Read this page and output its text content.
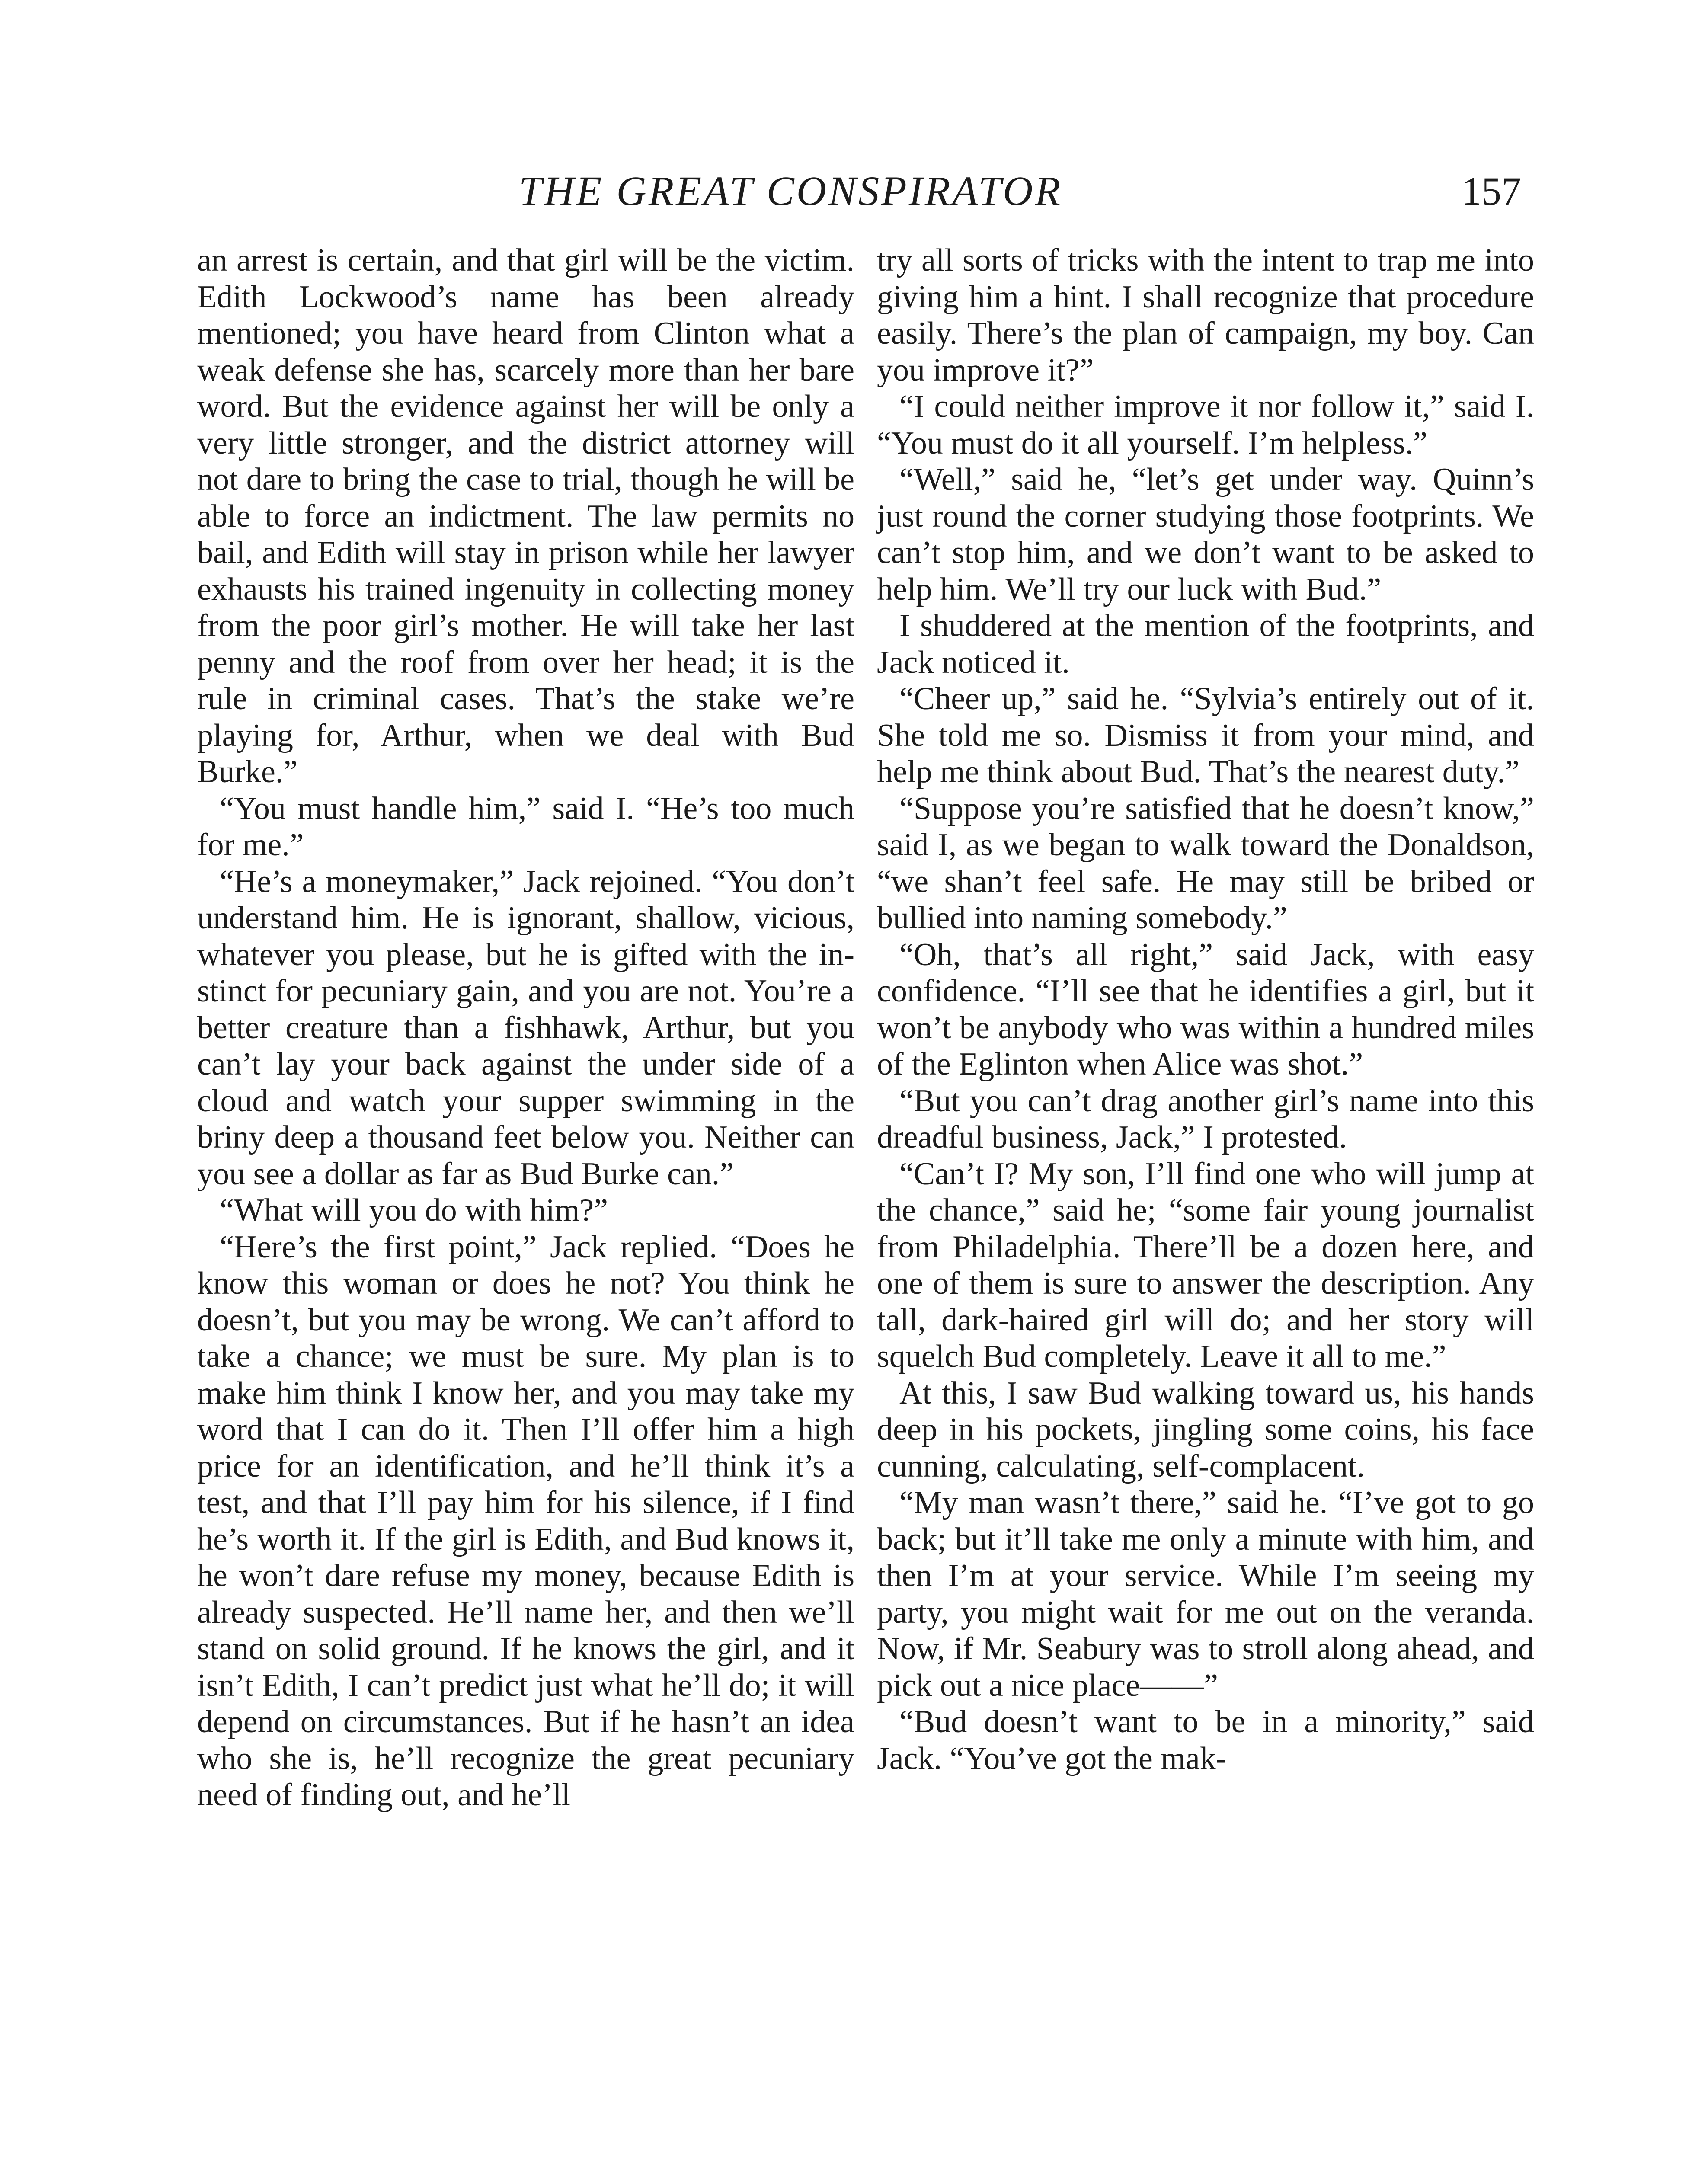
THE GREAT CONSPIRATOR	157

an arrest is certain, and that girl will be the victim. Edith Lockwood’s name has been already mentioned; you have heard from Clinton what a weak defense she has, scarcely more than her bare word. But the evidence against her will be only a very little stronger, and the district attorney will not dare to bring the case to trial, though he will be able to force an indictment. The law permits no bail, and Edith will stay in prison while her lawyer exhausts his trained ingenuity in collecting money from the poor girl’s mother. He will take her last penny and the roof from over her head; it is the rule in criminal cases. That’s the stake we’re playing for, Arthur, when we deal with Bud Burke.”

“You must handle him,” said I. “He’s too much for me.”

“He’s a moneymaker,” Jack rejoined. “You don’t understand him. He is ignorant, shallow, vicious, whatever you please, but he is gifted with the instinct for pecuniary gain, and you are not. You’re a better creature than a fishhawk, Arthur, but you can’t lay your back against the under side of a cloud and watch your supper swimming in the briny deep a thousand feet below you. Neither can you see a dollar as far as Bud Burke can.”

“What will you do with him?”

“Here’s the first point,” Jack replied. “Does he know this woman or does he not? You think he doesn’t, but you may be wrong. We can’t afford to take a chance; we must be sure. My plan is to make him think I know her, and you may take my word that I can do it. Then I’ll offer him a high price for an identification, and he’ll think it’s a test, and that I’ll pay him for his silence, if I find he’s worth it. If the girl is Edith, and Bud knows it, he won’t dare refuse my money, because Edith is already suspected. He’ll name her, and then we’ll stand on solid ground. If he knows the girl, and it isn’t Edith, I can’t predict just what he’ll do; it will depend on circumstances. But if he hasn’t an idea who she is, he’ll recognize the great pecuniary need of finding out, and he’ll

try all sorts of tricks with the intent to trap me into giving him a hint. I shall recognize that procedure easily. There’s the plan of campaign, my boy. Can you improve it?”

“I could neither improve it nor follow it,” said I. “You must do it all yourself. I’m helpless.”

“Well,” said he, “let’s get under way. Quinn’s just round the corner studying those footprints. We can’t stop him, and we don’t want to be asked to help him. We’ll try our luck with Bud.”

I shuddered at the mention of the footprints, and Jack noticed it.

“Cheer up,” said he. “Sylvia’s entirely out of it. She told me so. Dismiss it from your mind, and help me think about Bud. That’s the nearest duty.”

“Suppose you’re satisfied that he doesn’t know,” said I, as we began to walk toward the Donaldson, “we shan’t feel safe. He may still be bribed or bullied into naming somebody.”

“Oh, that’s all right,” said Jack, with easy confidence. “I’ll see that he identifies a girl, but it won’t be anybody who was within a hundred miles of the Eglinton when Alice was shot.”

“But you can’t drag another girl’s name into this dreadful business, Jack,” I protested.

“Can’t I? My son, I’ll find one who will jump at the chance,” said he; “some fair young journalist from Philadelphia. There’ll be a dozen here, and one of them is sure to answer the description. Any tall, dark-haired girl will do; and her story will squelch Bud completely. Leave it all to me.”

At this, I saw Bud walking toward us, his hands deep in his pockets, jingling some coins, his face cunning, calculating, self-complacent.

“My man wasn’t there,” said he. “I’ve got to go back; but it’ll take me only a minute with him, and then I’m at your service. While I’m seeing my party, you might wait for me out on the veranda. Now, if Mr. Seabury was to stroll along ahead, and pick out a nice place——”

“Bud doesn’t want to be in a minority,” said Jack. “You’ve got the mak-
